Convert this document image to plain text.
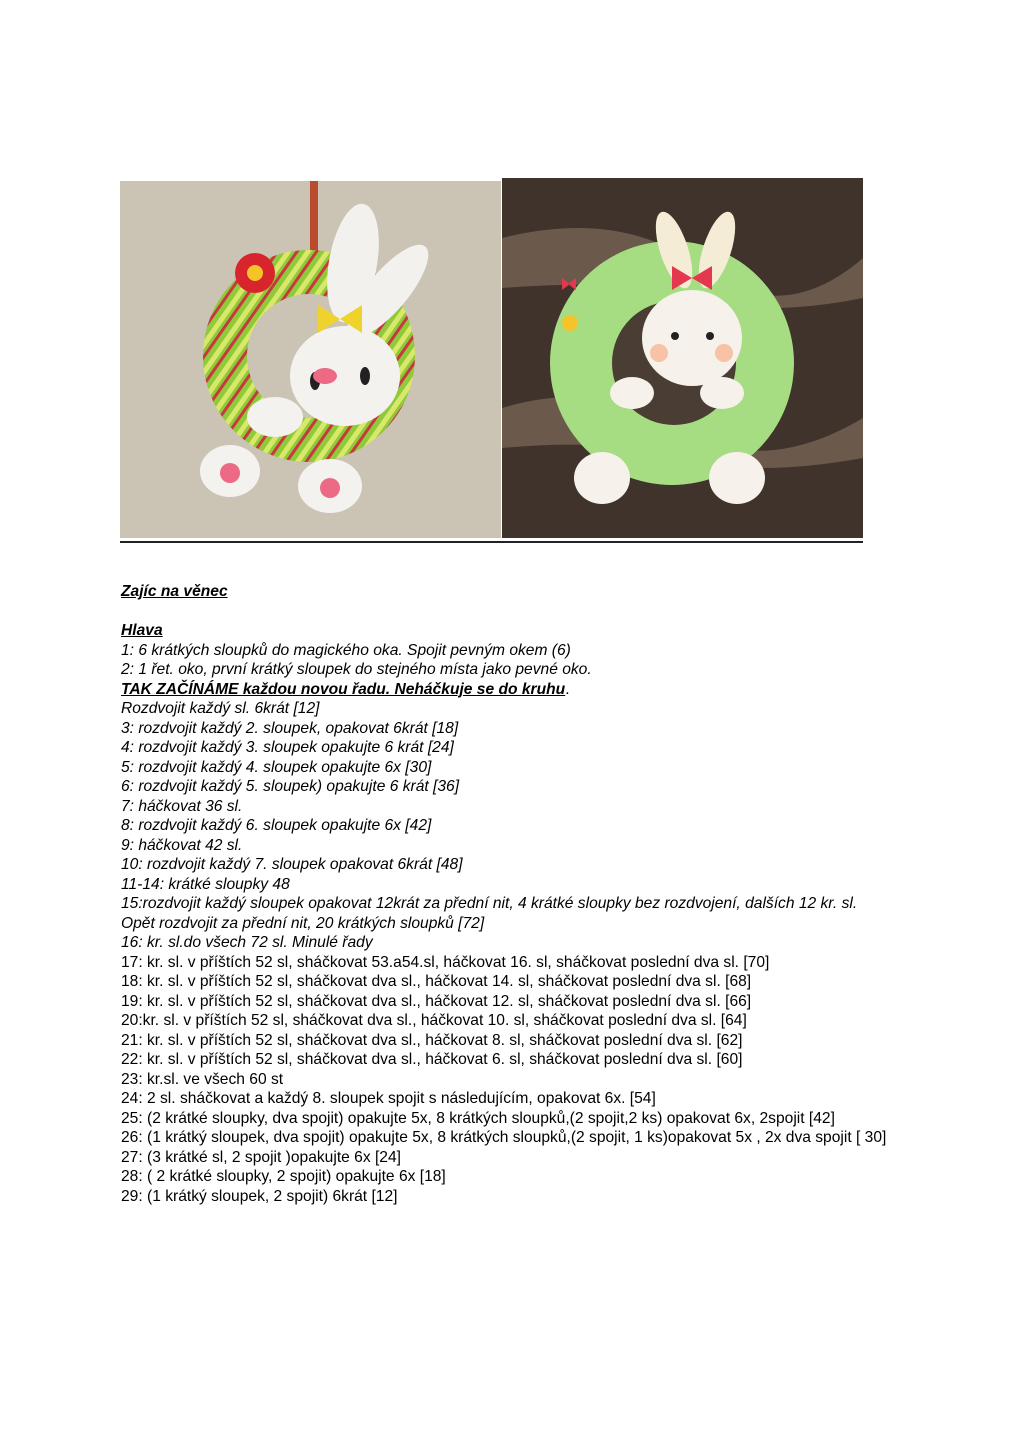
Zajíc na věnec
Hlava
1: 6 krátkých sloupků do magického oka. Spojit pevným okem (6)
2: 1 řet. oko, první krátký sloupek do stejného místa jako pevné oko.
TAK ZAČÍNÁME každou novou řadu. Neháčkuje se do kruhu.
Rozdvojit každý sl. 6krát [12]
3: rozdvojit každý 2. sloupek, opakovat 6krát [18]
4: rozdvojit každý 3. sloupek opakujte 6 krát [24]
5: rozdvojit každý 4. sloupek opakujte 6x [30]
6: rozdvojit každý 5. sloupek) opakujte 6 krát [36]
7: háčkovat 36 sl.
8: rozdvojit každý 6. sloupek opakujte 6x [42]
9: háčkovat 42 sl.
10: rozdvojit každý 7. sloupek opakovat 6krát [48]
11-14: krátké sloupky 48
15:rozdvojit každý sloupek opakovat 12krát za přední nit, 4 krátké sloupky bez rozdvojení, dalších 12 kr. sl. Opět rozdvojit za přední nit, 20 krátkých sloupků [72]
16: kr. sl.do všech 72 sl. Minulé řady
17: kr. sl. v příštích 52 sl, sháčkovat 53.a54.sl, háčkovat 16. sl, sháčkovat poslední dva sl. [70]
18: kr. sl. v příštích 52 sl, sháčkovat dva sl., háčkovat 14. sl, sháčkovat poslední dva sl. [68]
19: kr. sl. v příštích 52 sl, sháčkovat dva sl., háčkovat 12. sl, sháčkovat poslední dva sl. [66]
20:kr. sl. v příštích 52 sl, sháčkovat dva sl., háčkovat 10. sl, sháčkovat poslední dva sl. [64]
21: kr. sl. v příštích 52 sl, sháčkovat dva sl., háčkovat 8. sl, sháčkovat poslední dva sl. [62]
22: kr. sl. v příštích 52 sl, sháčkovat dva sl., háčkovat 6. sl, sháčkovat poslední dva sl. [60]
23: kr.sl. ve všech 60 st
24: 2 sl. sháčkovat a každý 8. sloupek spojit s následujícím, opakovat 6x. [54]
25: (2 krátké sloupky, dva spojit) opakujte 5x, 8 krátkých sloupků,(2 spojit,2 ks) opakovat 6x, 2spojit [42]
26: (1 krátký sloupek, dva spojit) opakujte 5x, 8 krátkých sloupků,(2 spojit, 1 ks)opakovat 5x , 2x dva spojit [ 30]
27: (3 krátké sl, 2 spojit )opakujte 6x [24]
28: ( 2 krátké sloupky, 2 spojit) opakujte 6x [18]
29: (1 krátký sloupek, 2 spojit) 6krát [12]
